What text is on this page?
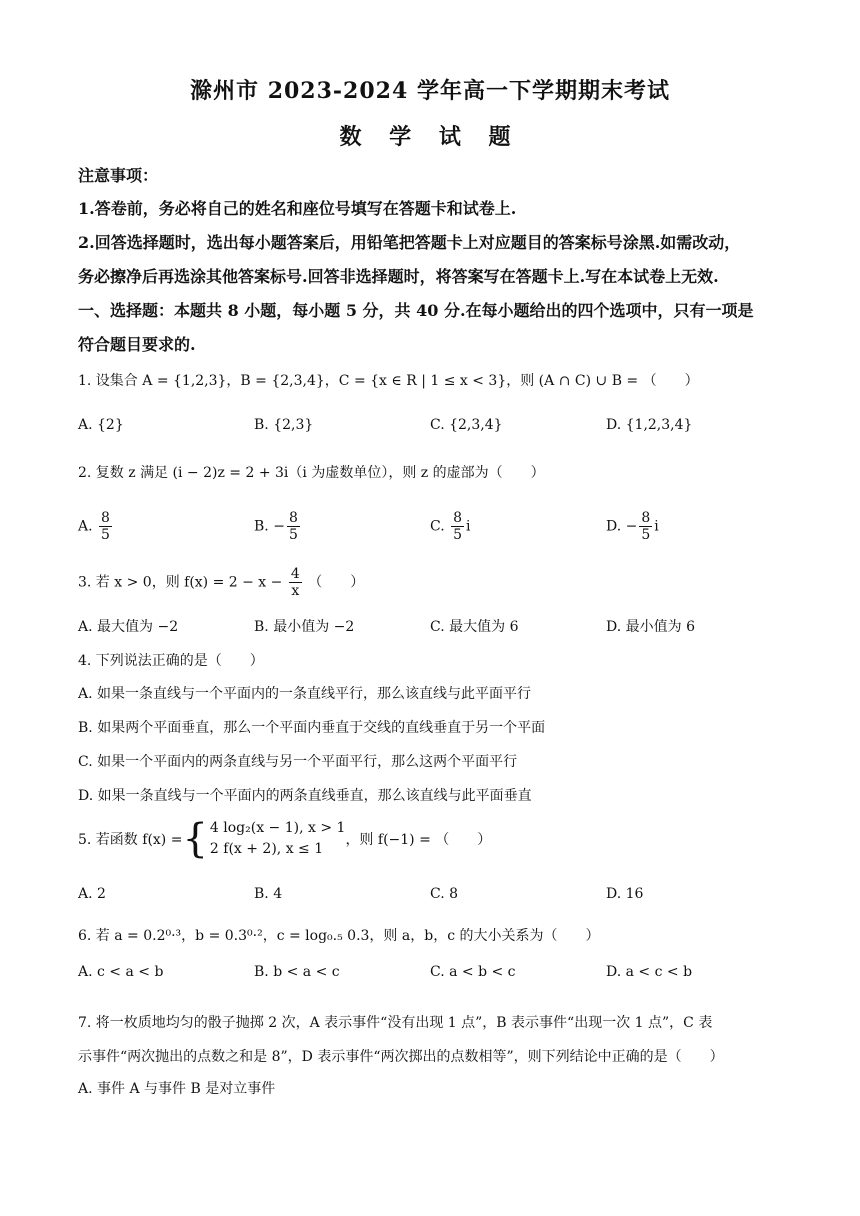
滁州市 2023-2024 学年高一下学期期末考试
数 学 试 题
注意事项：
1.答卷前，务必将自己的姓名和座位号填写在答题卡和试卷上.
2.回答选择题时，选出每小题答案后，用铅笔把答题卡上对应题目的答案标号涂黑.如需改动，
务必擦净后再选涂其他答案标号.回答非选择题时，将答案写在答题卡上.写在本试卷上无效.
一、选择题：本题共 8 小题，每小题 5 分，共 40 分.在每小题给出的四个选项中，只有一项是
符合题目要求的.
1. 设集合 A = {1,2,3}，B = {2,3,4}，C = {x ∈ R | 1 ≤ x < 3}，则 (A ∩ C) ∪ B = （　　）
A. {2}	B. {2,3}	C. {2,3,4}	D. {1,2,3,4}
2. 复数 z 满足 (i − 2)z = 2 + 3i（i 为虚数单位），则 z 的虚部为（　　）
A. $\frac{8}{5}$	B. − $\frac{8}{5}$	C. $\frac{8}{5}$ i	D. − $\frac{8}{5}$ i
3. 若 x > 0，则 $f(x) = 2 - x - \frac{4}{x}$ （　　）
A. 最大值为 −2	B. 最小值为 −2	C. 最大值为 6	D. 最小值为 6
4. 下列说法正确的是（　　）
A. 如果一条直线与一个平面内的一条直线平行，那么该直线与此平面平行
B. 如果两个平面垂直，那么一个平面内垂直于交线的直线垂直于另一个平面
C. 如果一个平面内的两条直线与另一个平面平行，那么这两个平面平行
D. 如果一条直线与一个平面内的两条直线垂直，那么该直线与此平面垂直
5. 若函数 f(x) = { 4 log₂(x − 1), x > 1
2 f(x + 2), x ≤ 1
，则 f(−1) = （　　）
A. 2	B. 4	C. 8	D. 16
6. 若 a = 0.2⁰·³，b = 0.3⁰·²，c = log₀.₅ 0.3，则 a，b，c 的大小关系为（　　）
A. c < a < b	B. b < a < c	C. a < b < c	D. a < c < b
7. 将一枚质地均匀的骰子抛掷 2 次，A 表示事件“没有出现 1 点”，B 表示事件“出现一次 1 点”，C 表
示事件“两次抛出的点数之和是 8”，D 表示事件“两次掷出的点数相等”，则下列结论中正确的是（　　）
A. 事件 A 与事件 B 是对立事件
